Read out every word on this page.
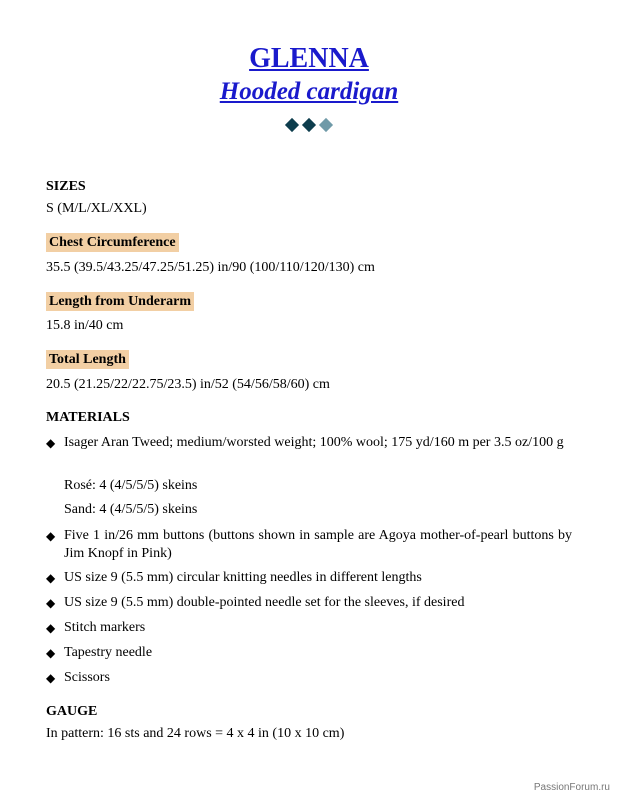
GLENNA
Hooded cardigan
SIZES
S (M/L/XL/XXL)
Chest Circumference
35.5 (39.5/43.25/47.25/51.25) in/90 (100/110/120/130) cm
Length from Underarm
15.8 in/40 cm
Total Length
20.5 (21.25/22/22.75/23.5) in/52 (54/56/58/60) cm
MATERIALS
◆ Isager Aran Tweed; medium/worsted weight; 100% wool; 175 yd/160 m per 3.5 oz/100 g
Rosé: 4 (4/5/5/5) skeins
Sand: 4 (4/5/5/5) skeins
◆ Five 1 in/26 mm buttons (buttons shown in sample are Agoya mother-of-pearl buttons by Jim Knopf in Pink)
◆ US size 9 (5.5 mm) circular knitting needles in different lengths
◆ US size 9 (5.5 mm) double-pointed needle set for the sleeves, if desired
◆ Stitch markers
◆ Tapestry needle
◆ Scissors
GAUGE
In pattern: 16 sts and 24 rows = 4 x 4 in (10 x 10 cm)
PassionForum.ru
